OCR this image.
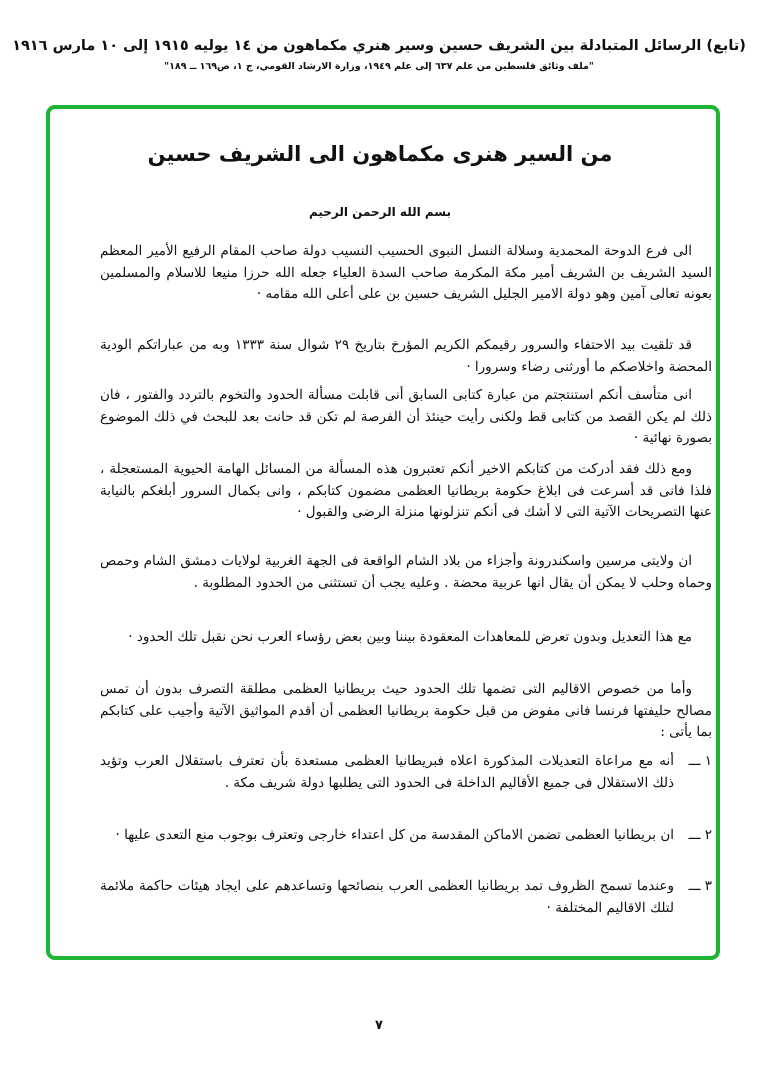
(تابع) الرسائل المتبادلة بين الشريف حسين وسير هنري مكماهون من ١٤ يوليه ١٩١٥ إلى ١٠ مارس ١٩١٦
"ملف وثائق فلسطين من علم ٦٣٧ إلى علم ١٩٤٩، وزارة الارشاد القومي، ج ١، ص١٦٩ ــ ١٨٩"
من السير هنرى مكماهون الى الشريف حسين
بسم الله الرحمن الرحيم
الى فرع الدوحة المحمدية وسلالة النسل النبوى الحسيب النسيب دولة صاحب المقام الرفيع الأمير المعظم السيد الشريف بن الشريف أمير مكة المكرمة صاحب السدة العلياء جعله الله حرزا منيعا للاسلام والمسلمين بعونه تعالى آمين وهو دولة الامير الجليل الشريف حسين بن على أعلى الله مقامه ·
قد تلقيت بيد الاحتفاء والسرور رقيمكم الكريم المؤرخ بتاريخ ٢٩ شوال سنة ١٣٣٣ وبه من عباراتكم الودية المحضة واخلاصكم ما أورثنى رضاء وسرورا ·
انى متأسف أنكم استنتجتم من عبارة كتابى السابق أنى قابلت مسألة الحدود والتخوم بالتردد والفتور ، فان ذلك لم يكن القصد من كتابى قط ولكنى رأيت حينئذ أن الفرصة لم تكن قد حانت بعد للبحث في ذلك الموضوع بصورة نهائية ·
ومع ذلك فقد أدركت من كتابكم الاخير أنكم تعتبرون هذه المسألة من المسائل الهامة الحيوية المستعجلة ، فلذا فانى قد أسرعت فى ابلاغ حكومة بريطانيا العظمى مضمون كتابكم ، وانى بكمال السرور أبلغكم بالنيابة عنها التصريحات الآتية التى لا أشك فى أنكم تنزلونها منزلة الرضى والقبول ·
ان ولايتى مرسين واسكندرونة وأجزاء من بلاد الشام الواقعة فى الجهة الغربية لولايات دمشق الشام وحمص وحماه وحلب لا يمكن أن يقال انها عربية محضة . وعليه يجب أن تستثنى من الحدود المطلوبة .
مع هذا التعديل وبدون تعرض للمعاهدات المعقودة بيننا وبين بعض رؤساء العرب نحن نقبل تلك الحدود ·
وأما من خصوص الاقاليم التى تضمها تلك الحدود حيث بريطانيا العظمى مطلقة التصرف بدون أن تمس مصالح حليفتها فرنسا فانى مفوض من قبل حكومة بريطانيا العظمى أن أقدم المواثيق الآتية وأجيب على كتابكم بما يأتى :
١ ـــ
أنه مع مراعاة التعديلات المذكورة اعلاه فبريطانيا العظمى مستعدة بأن تعترف باستقلال العرب وتؤيد ذلك الاستقلال فى جميع الأقاليم الداخلة فى الحدود التى يطلبها دولة شريف مكة .
٢ ـــ
ان بريطانيا العظمى تضمن الاماكن المقدسة من كل اعتداء خارجى وتعترف بوجوب منع التعدى عليها ·
٣ ـــ
وعندما تسمح الظروف تمد بريطانيا العظمى العرب بنصائحها وتساعدهم على ايجاد هيئات حاكمة ملائمة لتلك الاقاليم المختلفة ·
٧
